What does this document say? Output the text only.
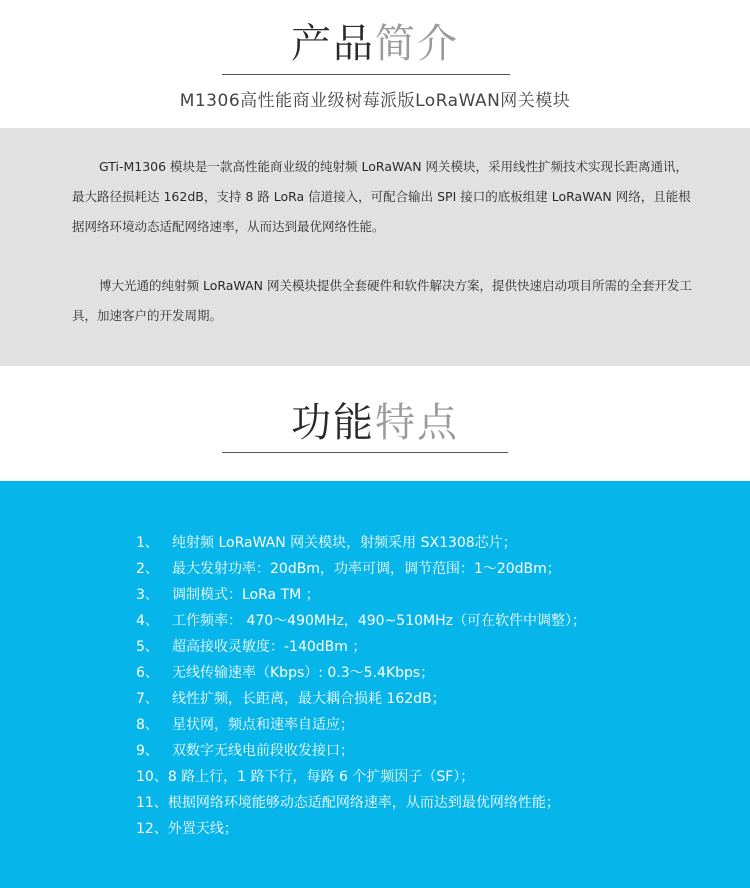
产品简介
M1306高性能商业级树莓派版LoRaWAN网关模块
GTi-M1306 模块是一款高性能商业级的纯射频 LoRaWAN 网关模块，采用线性扩频技术实现长距离通讯，最大路径损耗达 162dB，支持 8 路 LoRa 信道接入，可配合输出 SPI 接口的底板组建 LoRaWAN 网络，且能根据网络环境动态适配网络速率，从而达到最优网络性能。
博大光通的纯射频 LoRaWAN 网关模块提供全套硬件和软件解决方案，提供快速启动项目所需的全套开发工具，加速客户的开发周期。
功能特点
1、 纯射频 LoRaWAN 网关模块，射频采用 SX1308芯片；
2、 最大发射功率：20dBm，功率可调，调节范围：1～20dBm；
3、 调制模式：LoRa TM ；
4、 工作频率： 470～490MHz，490~510MHz（可在软件中调整）；
5、 超高接收灵敏度：-140dBm ；
6、 无线传输速率（Kbps）: 0.3～5.4Kbps；
7、 线性扩频，长距离，最大耦合损耗 162dB；
8、 星状网，频点和速率自适应；
9、 双数字无线电前段收发接口；
10、8 路上行，1 路下行，每路 6 个扩频因子（SF）；
11、根据网络环境能够动态适配网络速率，从而达到最优网络性能；
12、外置天线；
